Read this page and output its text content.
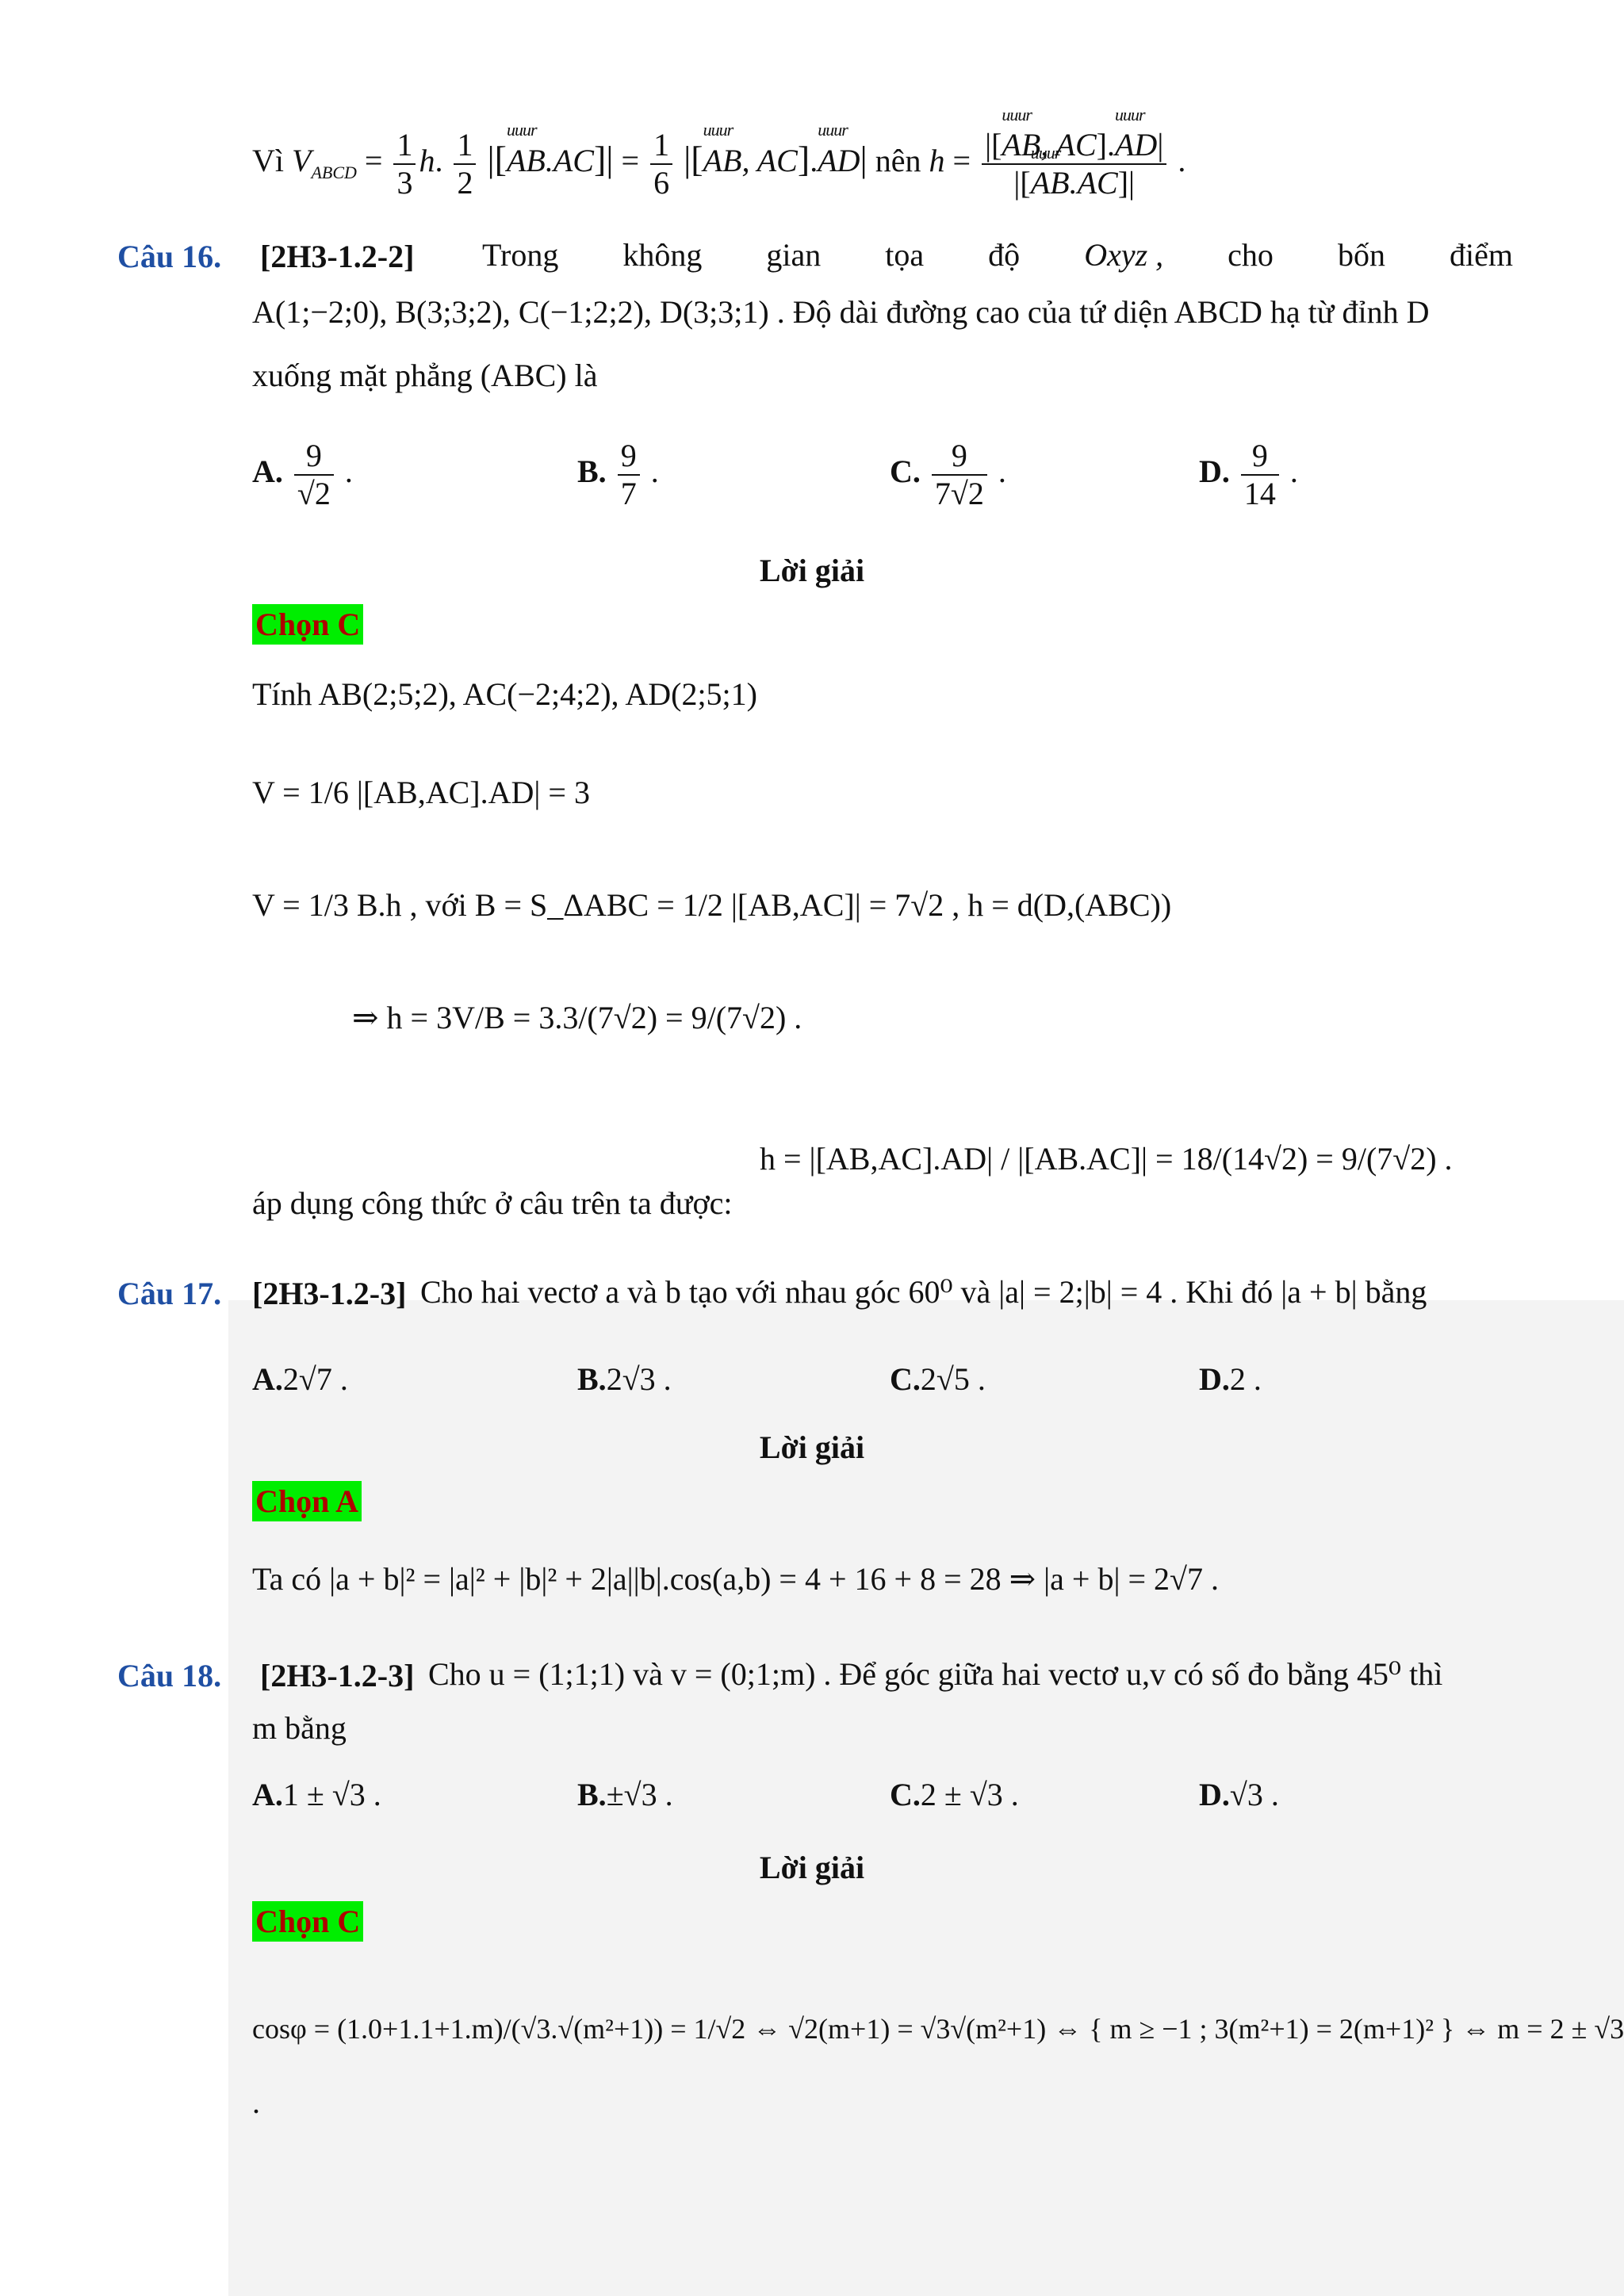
Vì $V_{ABCD} = \frac{1}{3} h$. $\frac{1}{2}$ |[uuur $AB.AC]| = \frac{1}{6}$ |[uuur AB, AC].uuur AD| nên $h = \frac{\text{|[uuur AB, AC].uuur AD|}}{\text{|[uuur AB.AC]|}}$ .
Câu 16. [2H3-1.2-2] Trong không gian tọa độ Oxyz , cho bốn điểm
A(1;−2;0), B(3;3;2), C(−1;2;2), D(3;3;1) . Độ dài đường cao của tứ diện ABCD hạ từ đỉnh D
xuống mặt phẳng (ABC) là
A. $\frac{9}{√2}$ .	B. $\frac{9}{7}$ .	C. $\frac{9}{7√2}$ .	D. $\frac{9}{14}$ .
Lời giải
Chọn C
Tính AB(2;5;2), AC(−2;4;2), AD(2;5;1)
V = 1/6 |[AB,AC].AD| = 3
V = 1/3 B.h , với B = S_ΔABC = 1/2 |[AB,AC]| = 7√2 , h = d(D,(ABC))
⇒ h = 3V/B = 3.3/(7√2) = 9/(7√2) .
h = |[AB,AC].AD| / |[AB.AC]| = 18/(14√2) = 9/(7√2) .
áp dụng công thức ở câu trên ta được:
Câu 17. [2H3-1.2-3] Cho hai vectơ a và b tạo với nhau góc 60⁰ và |a| = 2;|b| = 4 . Khi đó |a + b| bằng
A.2√7 .	B.2√3 .	C.2√5 .	D.2 .
Lời giải
Chọn A
Ta có |a + b|² = |a|² + |b|² + 2|a||b|.cos(a,b) = 4 + 16 + 8 = 28 ⇒ |a + b| = 2√7 .
Câu 18. [2H3-1.2-3] Cho u = (1;1;1) và v = (0;1;m) . Để góc giữa hai vectơ u,v có số đo bằng 45⁰ thì
m bằng
A.1 ± √3 .	B.±√3 .	C.2 ± √3 .	D.√3 .
Lời giải
Chọn C
cosφ = (1.0+1.1+1.m)/(√3.√(m²+1)) = 1/√2 ⇔ √2(m+1) = √3√(m²+1) ⇔ { m ≥ −1 ; 3(m²+1) = 2(m+1)² } ⇔ m = 2 ± √3
.
